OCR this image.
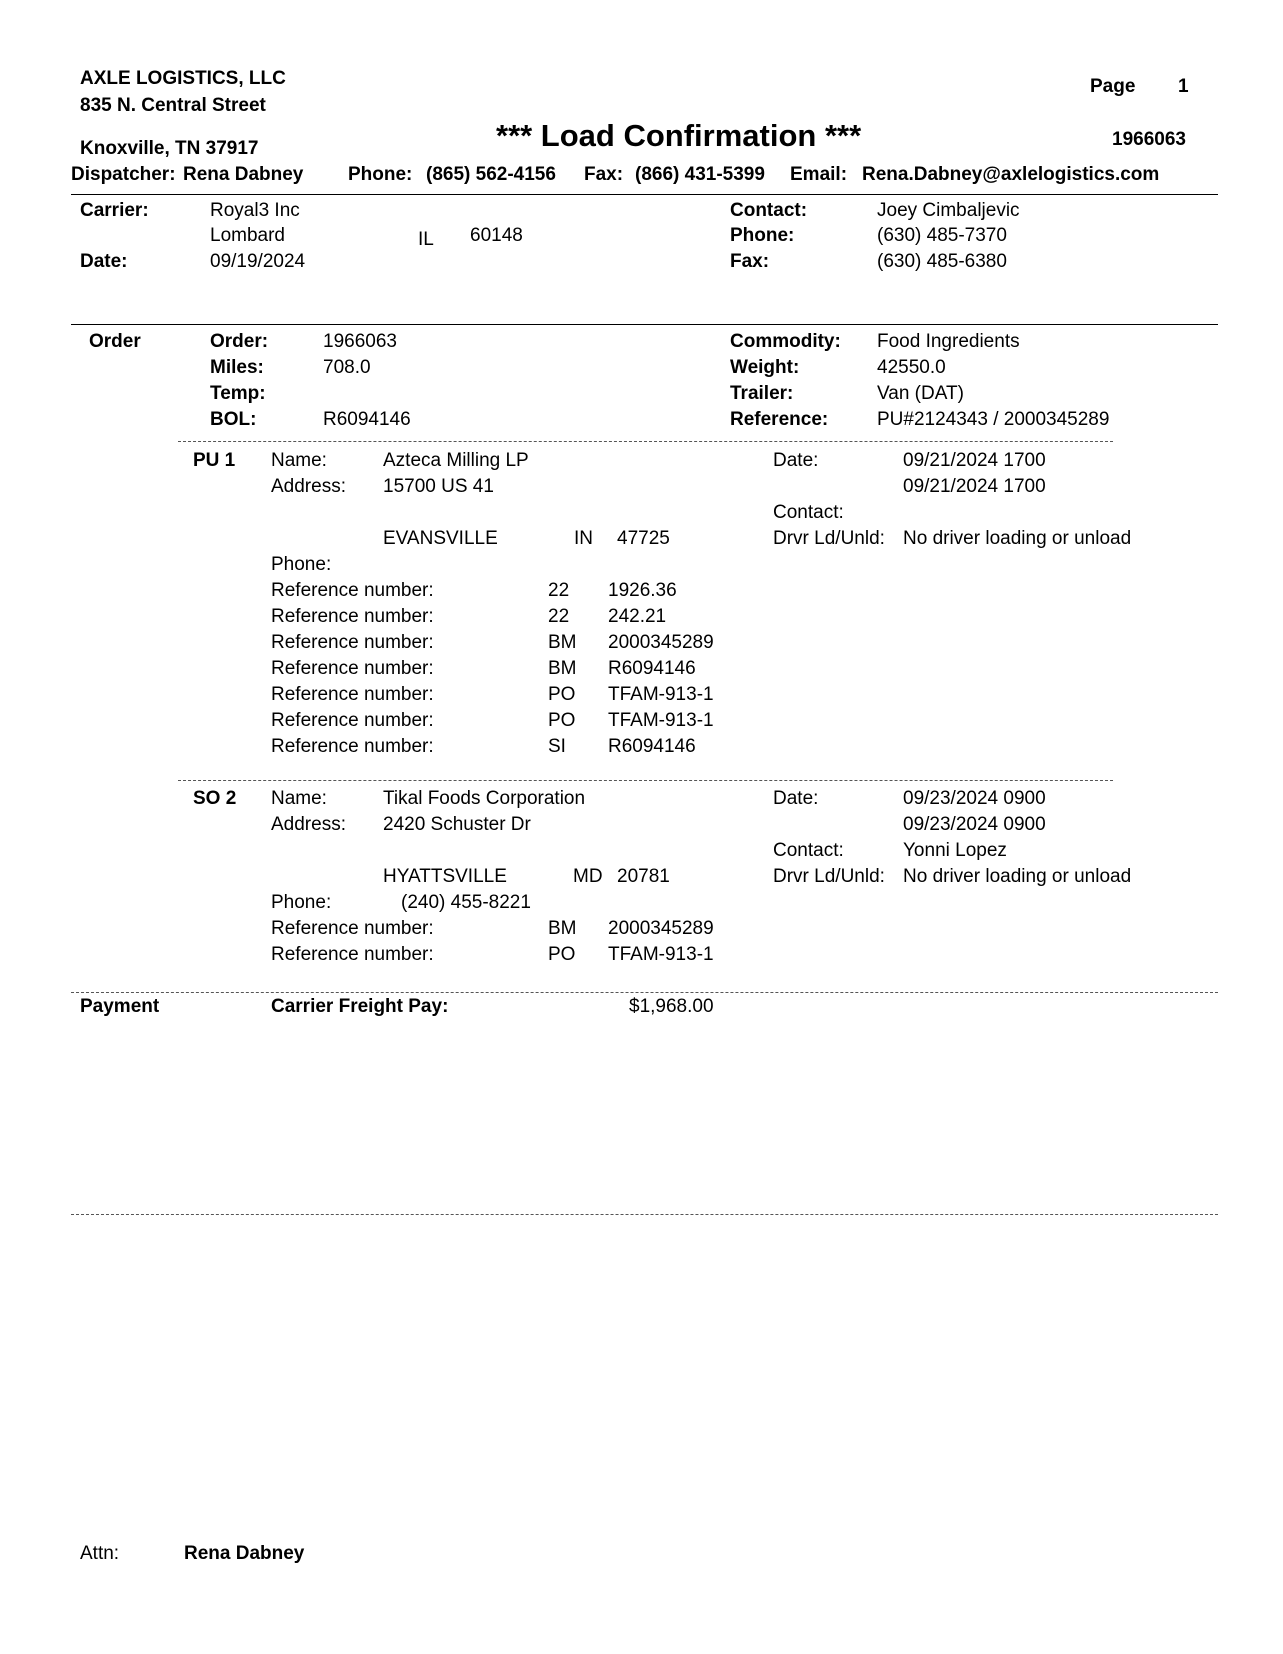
AXLE LOGISTICS, LLC
835 N. Central Street
Knoxville, TN 37917
Page 1
*** Load Confirmation ***	1966063
Dispatcher: Rena Dabney Phone: (865) 562-4156 Fax: (866) 431-5399 Email: Rena.Dabney@axlelogistics.com
Carrier:	Royal3 Inc
Lombard	IL 60148
Date:	09/19/2024
Contact:	Joey Cimbaljevic
Phone:	(630) 485-7370
Fax:	(630) 485-6380
Order	Order:	1966063
Miles:	708.0
Temp:
BOL:	R6094146
Commodity: Food Ingredients
Weight:	42550.0
Trailer:	Van (DAT)
Reference:	PU#2124343 / 2000345289
PU 1 Name:	Azteca Milling LP
Address: 15700 US 41
EVANSVILLE	IN 47725
Phone:
Date:	09/21/2024 1700
09/21/2024 1700
Contact:
Drvr Ld/Unld: No driver loading or unload
Reference number:	22 1926.36
Reference number:	22 242.21
Reference number:	BM 2000345289
Reference number:	BM R6094146
Reference number:	PO TFAM-913-1
Reference number:	PO TFAM-913-1
Reference number:	SI R6094146
SO 2 Name:	Tikal Foods Corporation
Address: 2420 Schuster Dr
HYATTSVILLE	MD 20781
Phone:	(240) 455-8221
Date:	09/23/2024 0900
09/23/2024 0900
Contact:	Yonni Lopez
Drvr Ld/Unld: No driver loading or unload
Reference number:	BM 2000345289
Reference number:	PO TFAM-913-1
Payment	Carrier Freight Pay:	$1,968.00
Attn:	Rena Dabney
